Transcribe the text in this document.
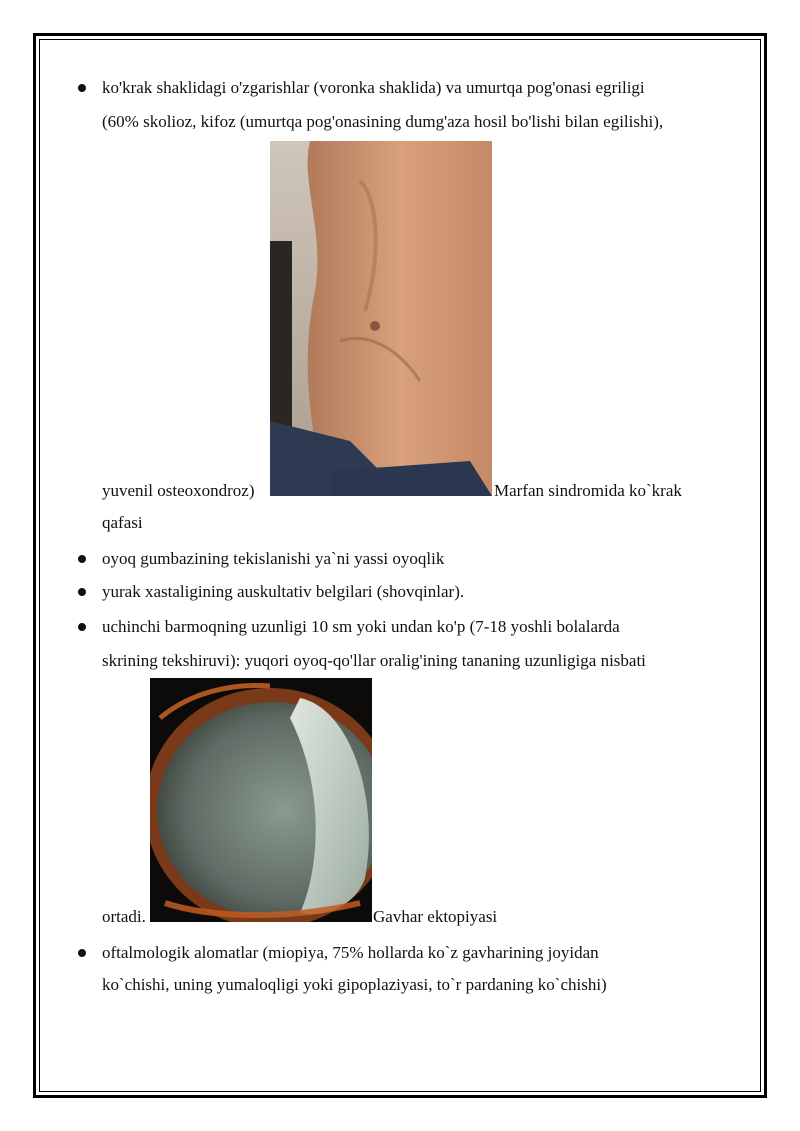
ko'krak shaklidagi o'zgarishlar (voronka shaklida) va umurtqa pog'onasi egriligi
(60% skolioz, kifoz (umurtqa pog'onasining dumg'aza hosil bo'lishi bilan egilishi),
yuvenil osteoxondroz)	Marfan sindromida ko`krak
qafasi
oyoq gumbazining tekislanishi ya`ni yassi oyoqlik
yurak xastaligining auskultativ belgilari (shovqinlar).
uchinchi barmoqning uzunligi 10 sm yoki undan ko'p (7-18 yoshli bolalarda
skrining tekshiruvi): yuqori oyoq-qo'llar oralig'ining tananing uzunligiga nisbati
ortadi.	Gavhar ektopiyasi
oftalmologik alomatlar (miopiya, 75% hollarda ko`z gavharining joyidan
ko`chishi, uning yumaloqligi yoki gipoplaziyasi, to`r pardaning ko`chishi)
